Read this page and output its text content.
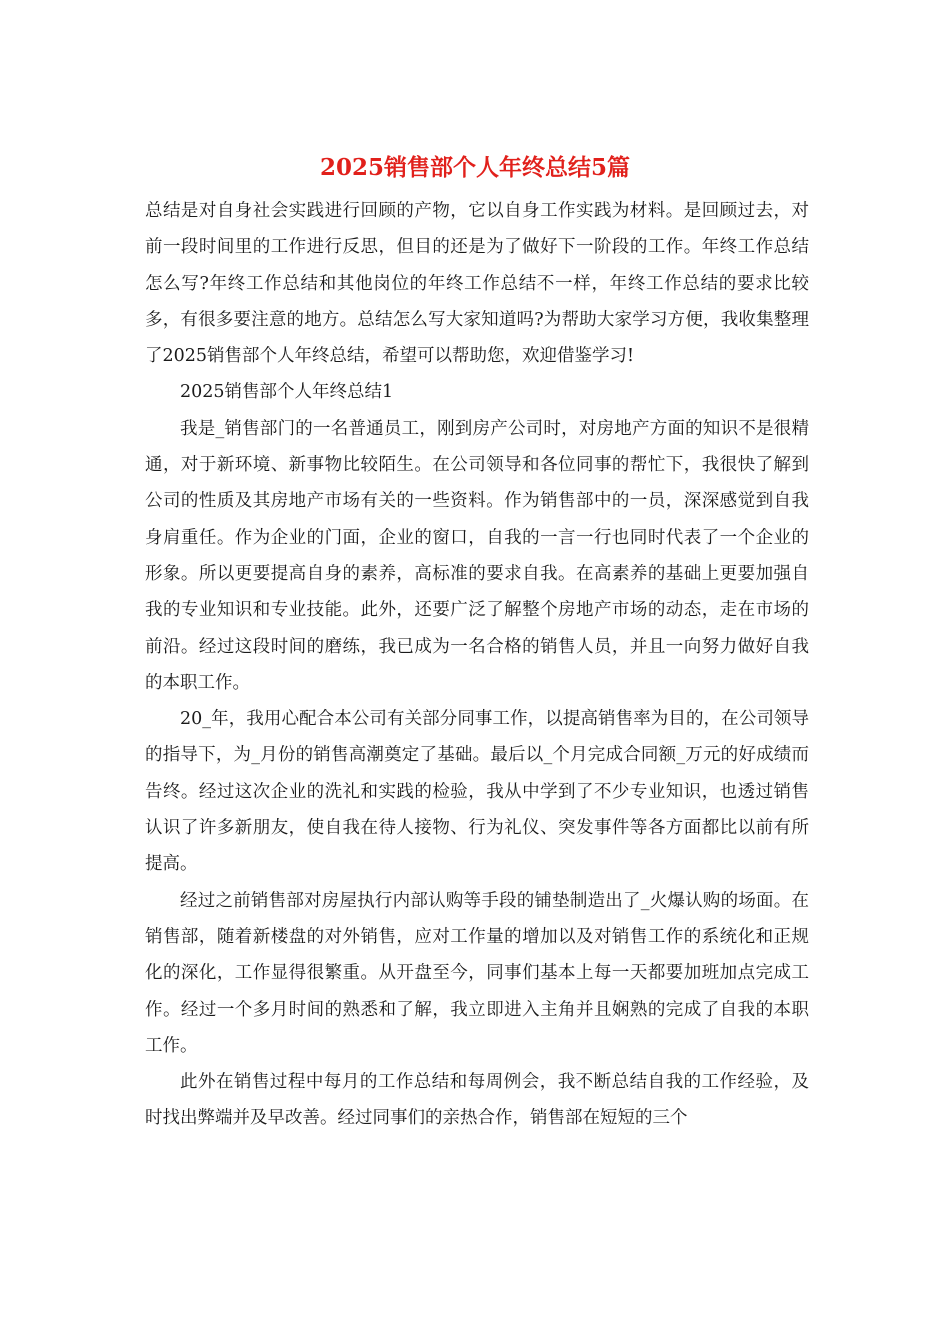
2025销售部个人年终总结5篇

总结是对自身社会实践进行回顾的产物，它以自身工作实践为材料。是回顾过去，对前一段时间里的工作进行反思，但目的还是为了做好下一阶段的工作。年终工作总结怎么写?年终工作总结和其他岗位的年终工作总结不一样，年终工作总结的要求比较多，有很多要注意的地方。总结怎么写大家知道吗?为帮助大家学习方便，我收集整理了2025销售部个人年终总结，希望可以帮助您，欢迎借鉴学习!

2025销售部个人年终总结1

我是_销售部门的一名普通员工，刚到房产公司时，对房地产方面的知识不是很精通，对于新环境、新事物比较陌生。在公司领导和各位同事的帮忙下，我很快了解到公司的性质及其房地产市场有关的一些资料。作为销售部中的一员，深深感觉到自我身肩重任。作为企业的门面，企业的窗口，自我的一言一行也同时代表了一个企业的形象。所以更要提高自身的素养，高标准的要求自我。在高素养的基础上更要加强自我的专业知识和专业技能。此外，还要广泛了解整个房地产市场的动态，走在市场的前沿。经过这段时间的磨练，我已成为一名合格的销售人员，并且一向努力做好自我的本职工作。

20_年，我用心配合本公司有关部分同事工作，以提高销售率为目的，在公司领导的指导下，为_月份的销售高潮奠定了基础。最后以_个月完成合同额_万元的好成绩而告终。经过这次企业的洗礼和实践的检验，我从中学到了不少专业知识，也透过销售认识了许多新朋友，使自我在待人接物、行为礼仪、突发事件等各方面都比以前有所提高。

经过之前销售部对房屋执行内部认购等手段的铺垫制造出了_火爆认购的场面。在销售部，随着新楼盘的对外销售，应对工作量的增加以及对销售工作的系统化和正规化的深化，工作显得很繁重。从开盘至今，同事们基本上每一天都要加班加点完成工作。经过一个多月时间的熟悉和了解，我立即进入主角并且娴熟的完成了自我的本职工作。

此外在销售过程中每月的工作总结和每周例会，我不断总结自我的工作经验，及时找出弊端并及早改善。经过同事们的亲热合作，销售部在短短的三个
